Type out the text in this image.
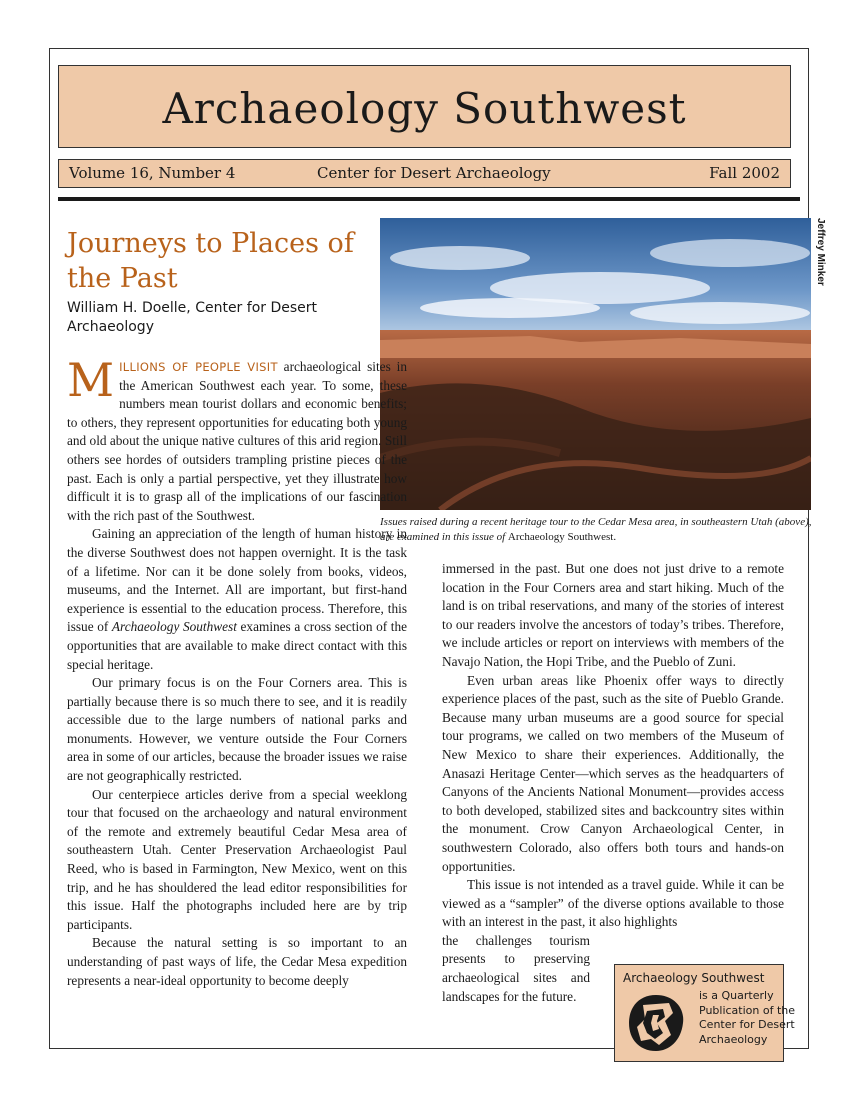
Archaeology Southwest
Volume 16, Number 4	Center for Desert Archaeology	Fall 2002
Jeffrey Minker
Issues raised during a recent heritage tour to the Cedar Mesa area, in southeastern Utah (above), are examined in this issue of Archaeology Southwest.
Journeys to Places of the Past
William H. Doelle, Center for Desert Archaeology

MILLIONS OF PEOPLE VISIT archaeological sites in the American Southwest each year. To some, these numbers mean tourist dollars and economic benefits; to others, they represent opportunities for educating both young and old about the unique native cultures of this arid region. Still others see hordes of outsiders trampling pristine pieces of the past. Each is only a partial perspective, yet they illustrate how difficult it is to grasp all of the implications of our fascination with the rich past of the Southwest.

Gaining an appreciation of the length of human history in the diverse Southwest does not happen overnight. It is the task of a lifetime. Nor can it be done solely from books, videos, museums, and the Internet. All are important, but first-hand experience is essential to the education process. Therefore, this issue of Archaeology Southwest examines a cross section of the opportunities that are available to make direct contact with this special heritage.

Our primary focus is on the Four Corners area. This is partially because there is so much there to see, and it is readily accessible due to the large numbers of national parks and monuments. However, we venture outside the Four Corners area in some of our articles, because the broader issues we raise are not geographically restricted.

Our centerpiece articles derive from a special weeklong tour that focused on the archaeology and natural environment of the remote and extremely beautiful Cedar Mesa area of southeastern Utah. Center Preservation Archaeologist Paul Reed, who is based in Farmington, New Mexico, went on this trip, and he has shouldered the lead editor responsibilities for this issue. Half the photographs included here are by trip participants.

Because the natural setting is so important to an understanding of past ways of life, the Cedar Mesa expedition represents a near-ideal opportunity to become deeply

immersed in the past. But one does not just drive to a remote location in the Four Corners area and start hiking. Much of the land is on tribal reservations, and many of the stories of interest to our readers involve the ancestors of today’s tribes. Therefore, we include articles or report on interviews with members of the Navajo Nation, the Hopi Tribe, and the Pueblo of Zuni.

Even urban areas like Phoenix offer ways to directly experience places of the past, such as the site of Pueblo Grande. Because many urban museums are a good source for special tour programs, we called on two members of the Museum of New Mexico to share their experiences. Additionally, the Anasazi Heritage Center—which serves as the headquarters of Canyons of the Ancients National Monument—provides access to both developed, stabilized sites and backcountry sites within the monument. Crow Canyon Archaeological Center, in southwestern Colorado, also offers both tours and hands-on opportunities.

This issue is not intended as a travel guide. While it can be viewed as a “sampler” of the diverse options available to those with an interest in the past, it also highlights

the challenges tourism presents to preserving archaeological sites and landscapes for the future.

Archaeology Southwest
is a Quarterly
Publication of the
Center for Desert
Archaeology
